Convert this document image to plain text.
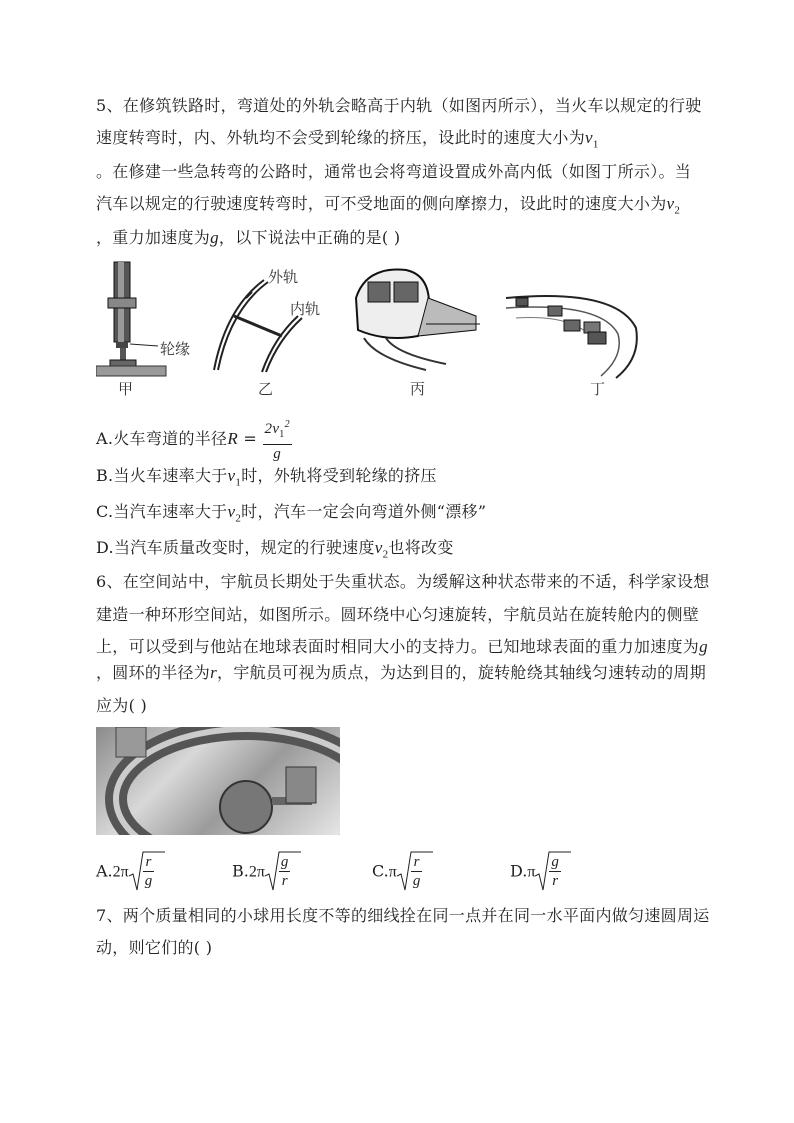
5、在修筑铁路时，弯道处的外轨会略高于内轨（如图丙所示），当火车以规定的行驶
速度转弯时，内、外轨均不会受到轮缘的挤压，设此时的速度大小为$v_1$
。在修建一些急转弯的公路时，通常也会将弯道设置成外高内低（如图丁所示）。当
汽车以规定的行驶速度转弯时，可不受地面的侧向摩擦力，设此时的速度大小为$v_2$
，重力加速度为g，以下说法中正确的是( )
轮缘
外轨
内轨
甲	乙	丙	丁
A.火车弯道的半径$R = \frac{2v_1^2}{g}$
B.当火车速率大于$v_1$时，外轨将受到轮缘的挤压
C.当汽车速率大于$v_2$时，汽车一定会向弯道外侧“漂移”
D.当汽车质量改变时，规定的行驶速度$v_2$也将改变
6、在空间站中，宇航员长期处于失重状态。为缓解这种状态带来的不适，科学家设想
建造一种环形空间站，如图所示。圆环绕中心匀速旋转，宇航员站在旋转舱内的侧壁
上，可以受到与他站在地球表面时相同大小的支持力。已知地球表面的重力加速度为g
，圆环的半径为r，宇航员可视为质点，为达到目的，旋转舱绕其轴线匀速转动的周期
应为( )
$A.2\pi \frac{r}{g}$	$B.2\pi \frac{g}{r}$	$C.\pi \frac{r}{g}$	$D.\pi \frac{g}{r}$
7、两个质量相同的小球用长度不等的细线拴在同一点并在同一水平面内做匀速圆周运
动，则它们的( )
